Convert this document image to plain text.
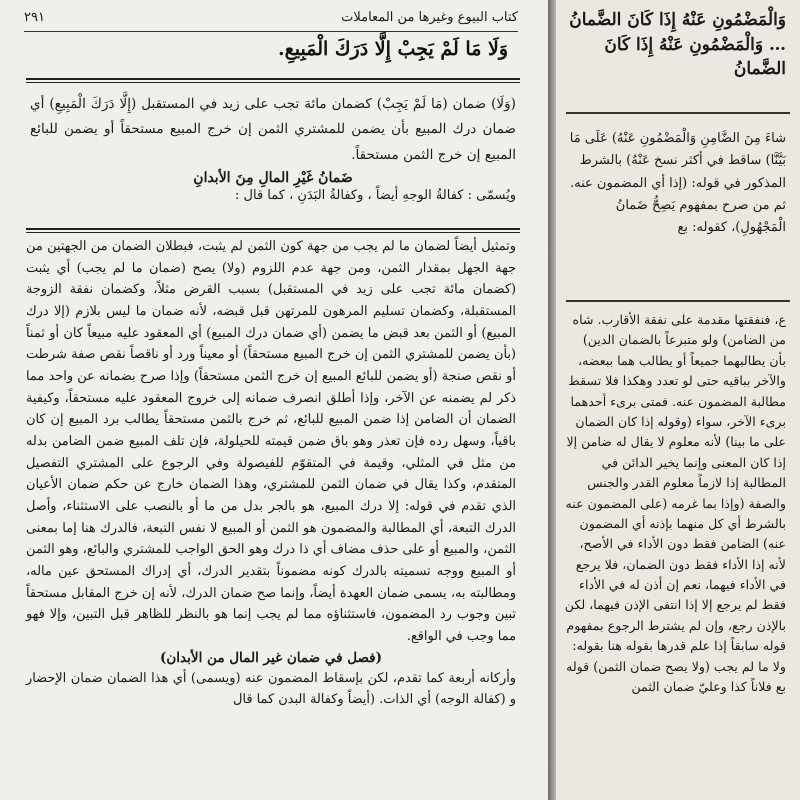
كتاب البيوع وغيرها من المعاملات
٢٩١
وَلَا مَا لَمْ يَجِبْ إِلَّا دَرَكَ الْمَبِيعِ.

(وَلَا) ضمان (مَا لَمْ يَجِبْ) كضمان مائة تجب على زيد في المستقبل (إِلَّا دَرَكَ الْمَبِيعِ) أي ضمان درك المبيع بأن يضمن للمشتري الثمن إن خرج المبيع مستحقاً أو يضمن للبائع المبيع إن خرج الثمن مستحقاً.

ضَمانُ غَيْرِ المالِ مِنَ الأبدانِ
ويُسمّى : كفالةُ الوجهِ أيضاً ، وكفالةُ البَدَنِ ، كما قال :

وتمثيل أيضاً لضمان ما لم يجب من جهة كون الثمن لم يثبت، فبطلان الضمان من الجهتين من جهة الجهل بمقدار الثمن، ومن جهة عدم اللزوم (ولا) يصح (ضمان ما لم يجب) أي يثبت (كضمان مائة تجب على زيد في المستقبل) بسبب القرض مثلاً، وكضمان نفقة الزوجة المستقبلة، وكضمان تسليم المرهون للمرتهن قبل قبضه، لأنه ضمان ما ليس بلازم (إلا درك المبيع) أو الثمن بعد قبض ما يضمن (أي ضمان درك المبيع) أي المعقود عليه مبيعاً كان أو ثمناً (بأن يضمن للمشتري الثمن إن خرج المبيع مستحقاً) أو معيناً ورد أو ناقصاً نقص صفة شرطت أو نقص صنجة (أو يضمن للبائع المبيع إن خرج الثمن مستحقاً) وإذا صرح بضمانه عن واحد مما ذكر لم يضمنه عن الآخر، وإذا أطلق انصرف ضمانه إلى خروج المعقود عليه مستحقاً، وكيفية الضمان أن الضامن إذا ضمن المبيع للبائع، ثم خرج بالثمن مستحقاً يطالب برد المبيع إن كان باقياً، وسهل رده فإن تعذر وهو باق ضمن قيمته للحيلولة، فإن تلف المبيع ضمن الضامن بدله من مثل في المثلي، وقيمة في المتقوّم للفيصولة وفي الرجوع على المشتري التفصيل المتقدم، وكذا يقال في ضمان الثمن للمشتري، وهذا الضمان خارج عن حكم ضمان الأعيان الذي تقدم في قوله: إلا درك المبيع، هو بالجر بدل من ما أو بالنصب على الاستثناء، وأصل الدرك التبعة، أي المطالبة والمضمون هو الثمن أو المبيع لا نفس التبعة، فالدرك هنا إما بمعنى الثمن، والمبيع أو على حذف مضاف أي ذا درك وهو الحق الواجب للمشتري والبائع، وهو الثمن أو المبيع ووجه تسميته بالدرك كونه مضموناً بتقدير الدرك، أي إدراك المستحق عين ماله، ومطالبته به، يسمى ضمان العهدة أيضاً، وإنما صح ضمان الدرك، لأنه إن خرج المقابل مستحقاً تبين وجوب رد المضمون، فاستثناؤه مما لم يجب إنما هو بالنظر للظاهر قبل التبين، وإلا فهو مما وجب في الواقع.

(فصل في ضمان غير المال من الأبدان)

وأركانه أربعة كما تقدم، لكن بإسقاط المضمون عنه (ويسمى) أي هذا الضمان ضمان الإحضار و (كفالة الوجه) أي الذات. (أيضاً وكفالة البدن كما قال

وَالْمَضْمُونِ عَنْهُ إِذَا كَانَ الضَّمانُ … وَالْمَضْمُونِ عَنْهُ إِذَا كَانَ الضَّمانُ

شاءَ مِنَ الضَّامِنِ وَالْمَضْمُونِ عَنْهُ) عَلَى مَا بَيَّنَّا) ساقط في أكثر نسخ عَنْهُ) بالشرط المذكور في قوله: (إذا أي المضمون عنه. ثم من صرح بمفهوم يَصِحُّ ضَمانُ الْمَجْهُولِ)، كقوله: بع

ع، فنفقتها مقدمة على نفقة الأقارب. شاه من الضامن) ولو متبرعاً بالضمان الدين) بأن يطالبهما جميعاً أو يطالب هما ببعضه، والآخر بباقيه حتى لو تعدد وهكذا فلا تسقط مطالبة المضمون عنه. فمتى برىء أحدهما برىء الآخر، سواء (وقوله إذا كان الضمان على ما بينا) لأنه معلوم لا يقال له ضامن إلا إذا كان المعنى وإنما يخير الدائن في المطالبة إذا لازماً معلوم القدر والجنس والصفة (وإذا بما غرمه (على المضمون عنه بالشرط أي كل منهما بإذنه أي المضمون عنه) الضامن فقط دون الأداء في الأصح، لأنه إذا الأداء فقط دون الضمان، فلا يرجع في الأداء فيهما، نعم إن أذن له في الأداء فقط لم يرجع إلا إذا انتفى الإذن فيهما، لكن بالإذن رجع، وإن لم يشترط الرجوع بمفهوم قوله سابقاً إذا علم قدرها بقوله هنا بقوله: ولا ما لم يجب (ولا يصح ضمان الثمن) قوله بع فلاناً كذا وعليّ ضمان الثمن
